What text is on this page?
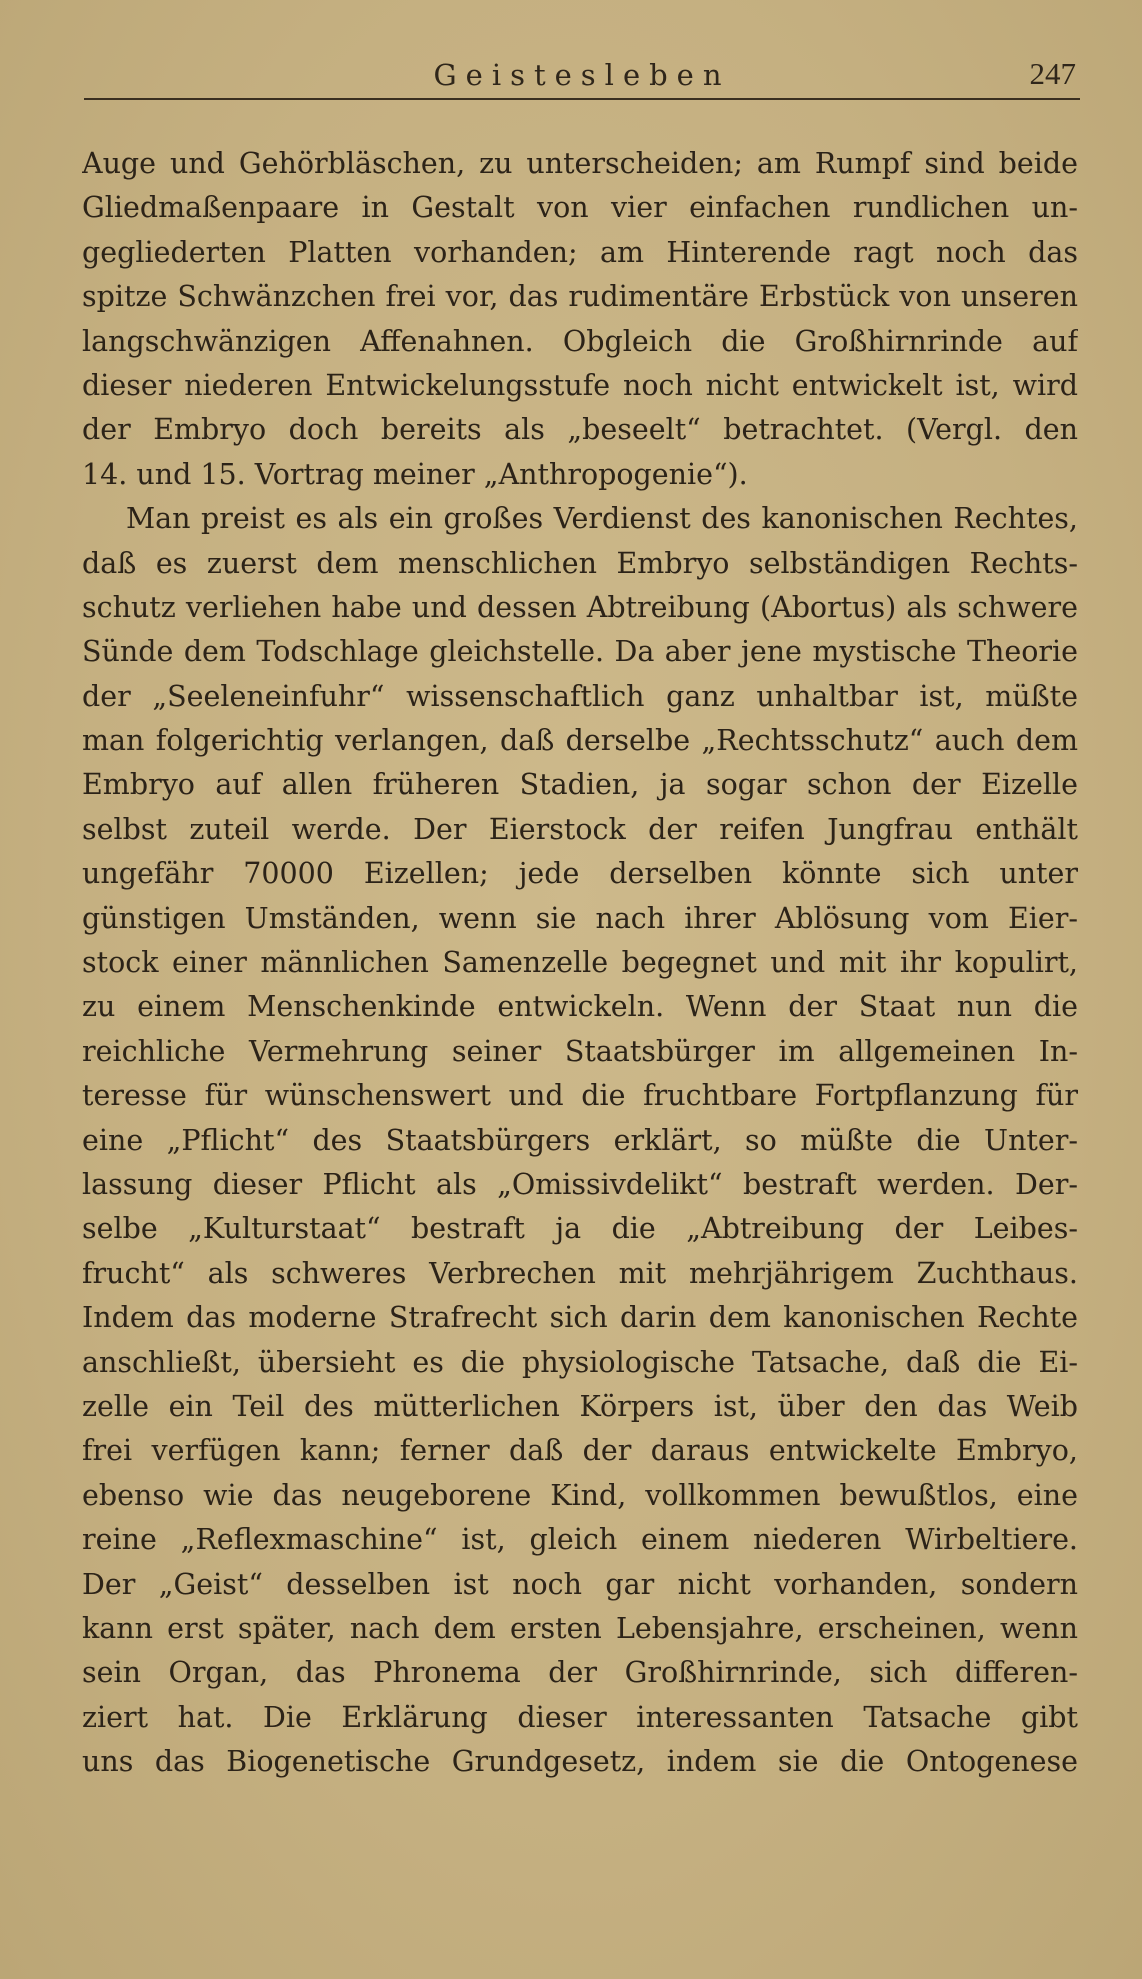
Geistesleben	247
Auge und Gehörbläschen, zu unterscheiden; am Rumpf sind beide
Gliedmaßenpaare in Gestalt von vier einfachen rundlichen un-
gegliederten Platten vorhanden; am Hinterende ragt noch das
spitze Schwänzchen frei vor, das rudimentäre Erbstück von unseren
langschwänzigen Affenahnen. Obgleich die Großhirnrinde auf
dieser niederen Entwickelungsstufe noch nicht entwickelt ist, wird
der Embryo doch bereits als „beseelt“ betrachtet. (Vergl. den
14. und 15. Vortrag meiner „Anthropogenie“).
Man preist es als ein großes Verdienst des kanonischen Rechtes,
daß es zuerst dem menschlichen Embryo selbständigen Rechts-
schutz verliehen habe und dessen Abtreibung (Abortus) als schwere
Sünde dem Todschlage gleichstelle. Da aber jene mystische Theorie
der „Seeleneinfuhr“ wissenschaftlich ganz unhaltbar ist, müßte
man folgerichtig verlangen, daß derselbe „Rechtsschutz“ auch dem
Embryo auf allen früheren Stadien, ja sogar schon der Eizelle
selbst zuteil werde. Der Eierstock der reifen Jungfrau enthält
ungefähr 70000 Eizellen; jede derselben könnte sich unter
günstigen Umständen, wenn sie nach ihrer Ablösung vom Eier-
stock einer männlichen Samenzelle begegnet und mit ihr kopulirt,
zu einem Menschenkinde entwickeln. Wenn der Staat nun die
reichliche Vermehrung seiner Staatsbürger im allgemeinen In-
teresse für wünschenswert und die fruchtbare Fortpflanzung für
eine „Pflicht“ des Staatsbürgers erklärt, so müßte die Unter-
lassung dieser Pflicht als „Omissivdelikt“ bestraft werden. Der-
selbe „Kulturstaat“ bestraft ja die „Abtreibung der Leibes-
frucht“ als schweres Verbrechen mit mehrjährigem Zuchthaus.
Indem das moderne Strafrecht sich darin dem kanonischen Rechte
anschließt, übersieht es die physiologische Tatsache, daß die Ei-
zelle ein Teil des mütterlichen Körpers ist, über den das Weib
frei verfügen kann; ferner daß der daraus entwickelte Embryo,
ebenso wie das neugeborene Kind, vollkommen bewußtlos, eine
reine „Reflexmaschine“ ist, gleich einem niederen Wirbeltiere.
Der „Geist“ desselben ist noch gar nicht vorhanden, sondern
kann erst später, nach dem ersten Lebensjahre, erscheinen, wenn
sein Organ, das Phronema der Großhirnrinde, sich differen-
ziert hat. Die Erklärung dieser interessanten Tatsache gibt
uns das Biogenetische Grundgesetz, indem sie die Ontogenese
